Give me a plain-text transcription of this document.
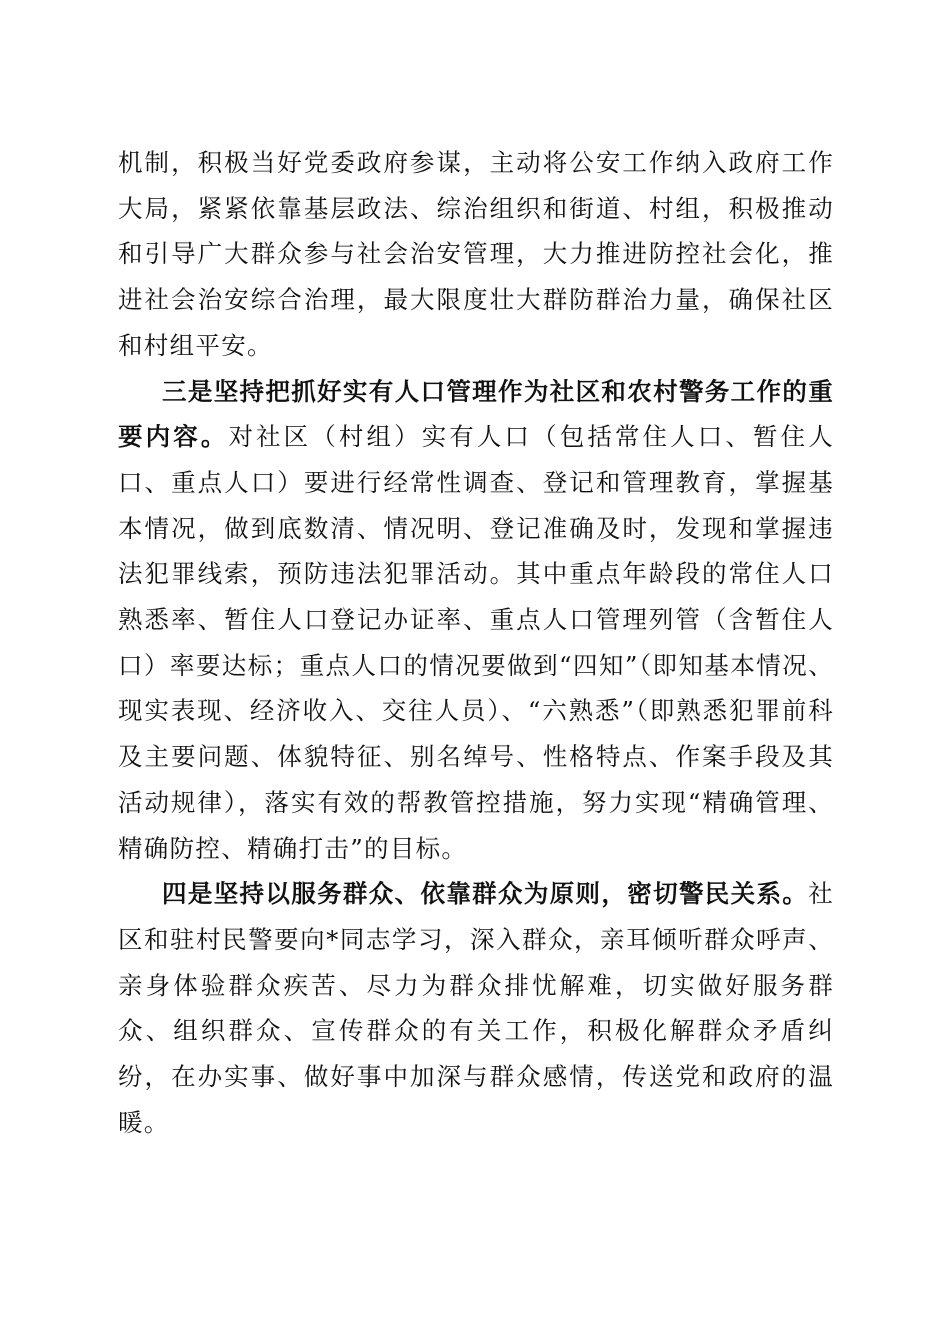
机制，积极当好党委政府参谋，主动将公安工作纳入政府工作大局，紧紧依靠基层政法、综治组织和街道、村组，积极推动和引导广大群众参与社会治安管理，大力推进防控社会化，推进社会治安综合治理，最大限度壮大群防群治力量，确保社区和村组平安。

三是坚持把抓好实有人口管理作为社区和农村警务工作的重要内容。对社区（村组）实有人口（包括常住人口、暂住人口、重点人口）要进行经常性调查、登记和管理教育，掌握基本情况，做到底数清、情况明、登记准确及时，发现和掌握违法犯罪线索，预防违法犯罪活动。其中重点年龄段的常住人口熟悉率、暂住人口登记办证率、重点人口管理列管（含暂住人口）率要达标；重点人口的情况要做到“四知”（即知基本情况、现实表现、经济收入、交往人员）、“六熟悉”（即熟悉犯罪前科及主要问题、体貌特征、别名绰号、性格特点、作案手段及其活动规律），落实有效的帮教管控措施，努力实现“精确管理、精确防控、精确打击”的目标。

四是坚持以服务群众、依靠群众为原则，密切警民关系。社区和驻村民警要向*同志学习，深入群众，亲耳倾听群众呼声、亲身体验群众疾苦、尽力为群众排忧解难，切实做好服务群众、组织群众、宣传群众的有关工作，积极化解群众矛盾纠纷，在办实事、做好事中加深与群众感情，传送党和政府的温暖。
